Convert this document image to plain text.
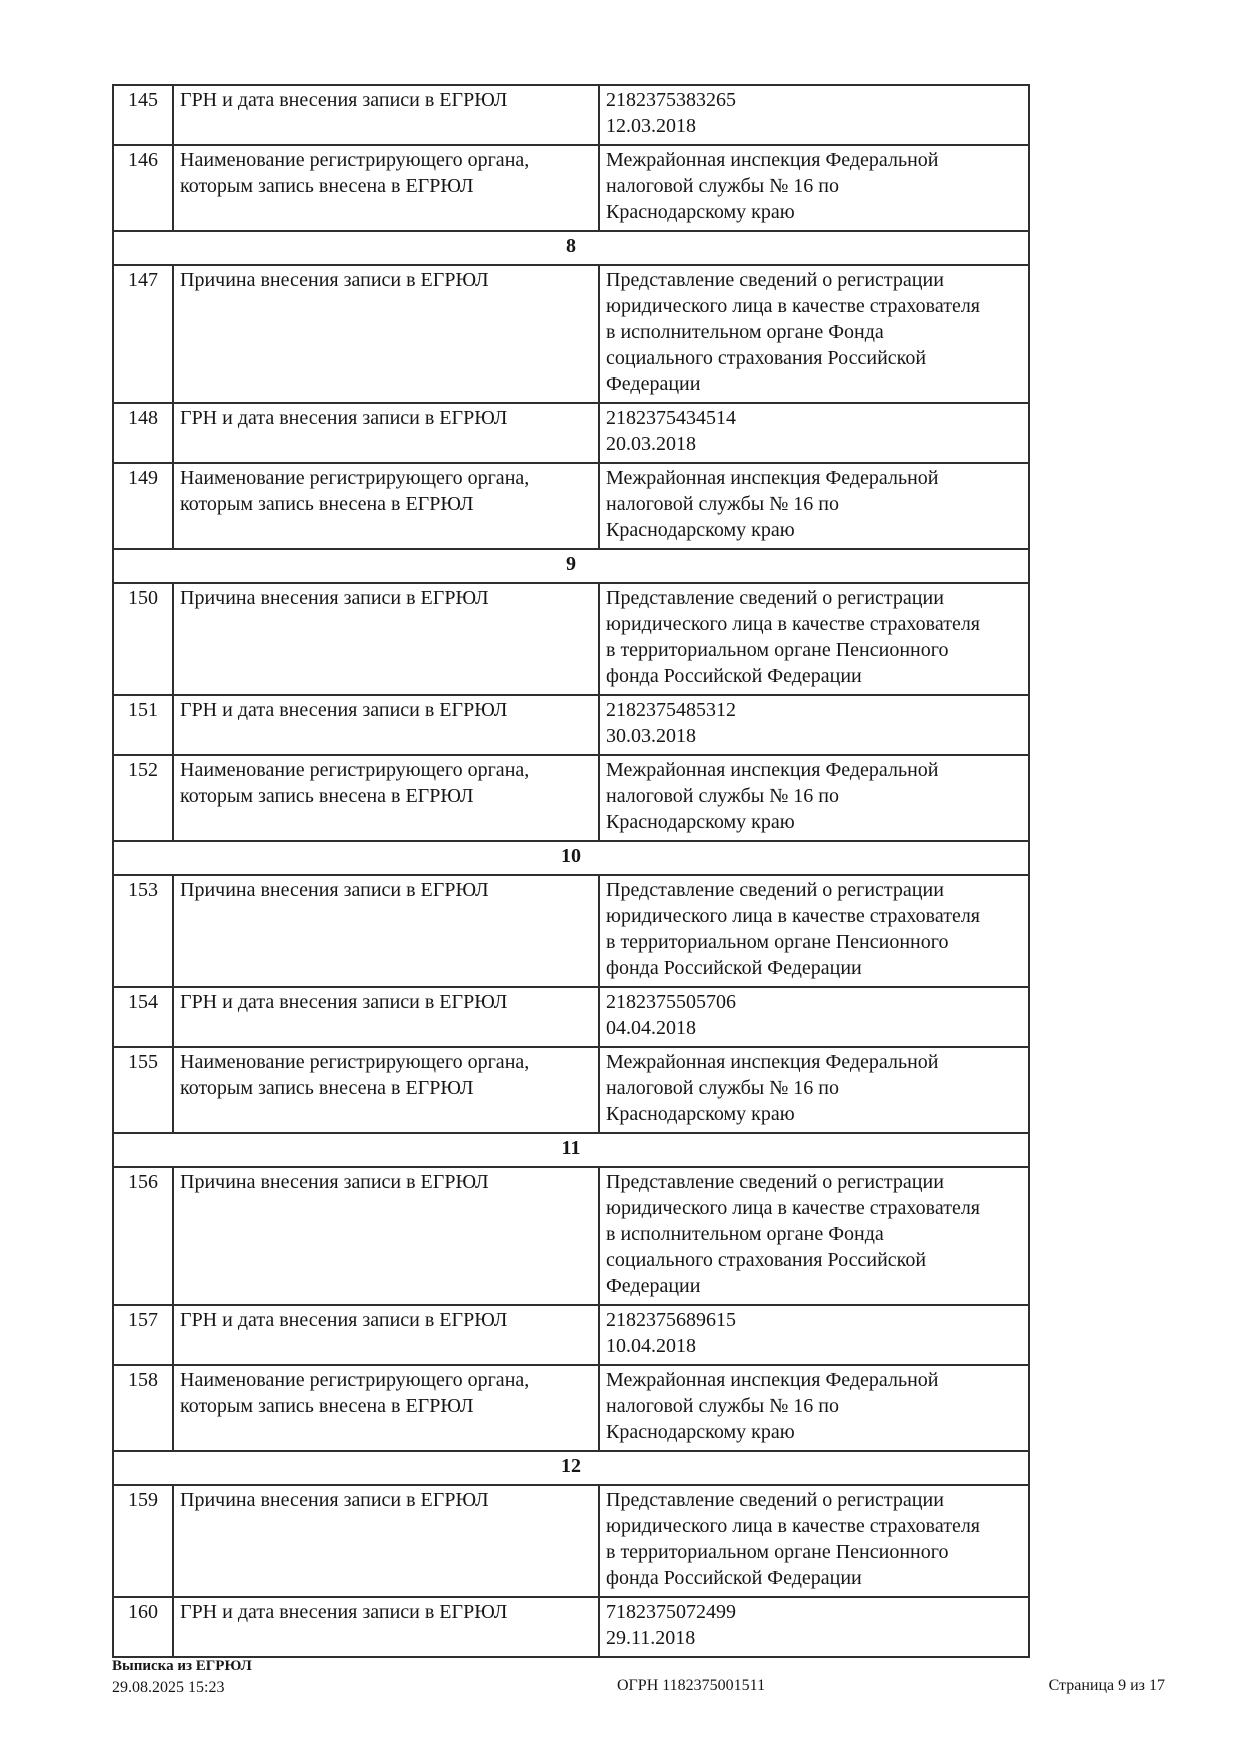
145	ГРН и дата внесения записи в ЕГРЮЛ	2182375383265
12.03.2018
146	Наименование регистрирующего органа,
которым запись внесена в ЕГРЮЛ	Межрайонная инспекция Федеральной
налоговой службы № 16 по
Краснодарскому краю
8		
147	Причина внесения записи в ЕГРЮЛ	Представление сведений о регистрации
юридического лица в качестве страхователя
в исполнительном органе Фонда
социального страхования Российской
Федерации
148	ГРН и дата внесения записи в ЕГРЮЛ	2182375434514
20.03.2018
149	Наименование регистрирующего органа,
которым запись внесена в ЕГРЮЛ	Межрайонная инспекция Федеральной
налоговой службы № 16 по
Краснодарскому краю
9		
150	Причина внесения записи в ЕГРЮЛ	Представление сведений о регистрации
юридического лица в качестве страхователя
в территориальном органе Пенсионного
фонда Российской Федерации
151	ГРН и дата внесения записи в ЕГРЮЛ	2182375485312
30.03.2018
152	Наименование регистрирующего органа,
которым запись внесена в ЕГРЮЛ	Межрайонная инспекция Федеральной
налоговой службы № 16 по
Краснодарскому краю
10		
153	Причина внесения записи в ЕГРЮЛ	Представление сведений о регистрации
юридического лица в качестве страхователя
в территориальном органе Пенсионного
фонда Российской Федерации
154	ГРН и дата внесения записи в ЕГРЮЛ	2182375505706
04.04.2018
155	Наименование регистрирующего органа,
которым запись внесена в ЕГРЮЛ	Межрайонная инспекция Федеральной
налоговой службы № 16 по
Краснодарскому краю
11		
156	Причина внесения записи в ЕГРЮЛ	Представление сведений о регистрации
юридического лица в качестве страхователя
в исполнительном органе Фонда
социального страхования Российской
Федерации
157	ГРН и дата внесения записи в ЕГРЮЛ	2182375689615
10.04.2018
158	Наименование регистрирующего органа,
которым запись внесена в ЕГРЮЛ	Межрайонная инспекция Федеральной
налоговой службы № 16 по
Краснодарскому краю
12		
159	Причина внесения записи в ЕГРЮЛ	Представление сведений о регистрации
юридического лица в качестве страхователя
в территориальном органе Пенсионного
фонда Российской Федерации
160	ГРН и дата внесения записи в ЕГРЮЛ	7182375072499
29.11.2018
Выписка из ЕГРЮЛ
29.08.2025 15:23	ОГРН 1182375001511	Страница 9 из 17
